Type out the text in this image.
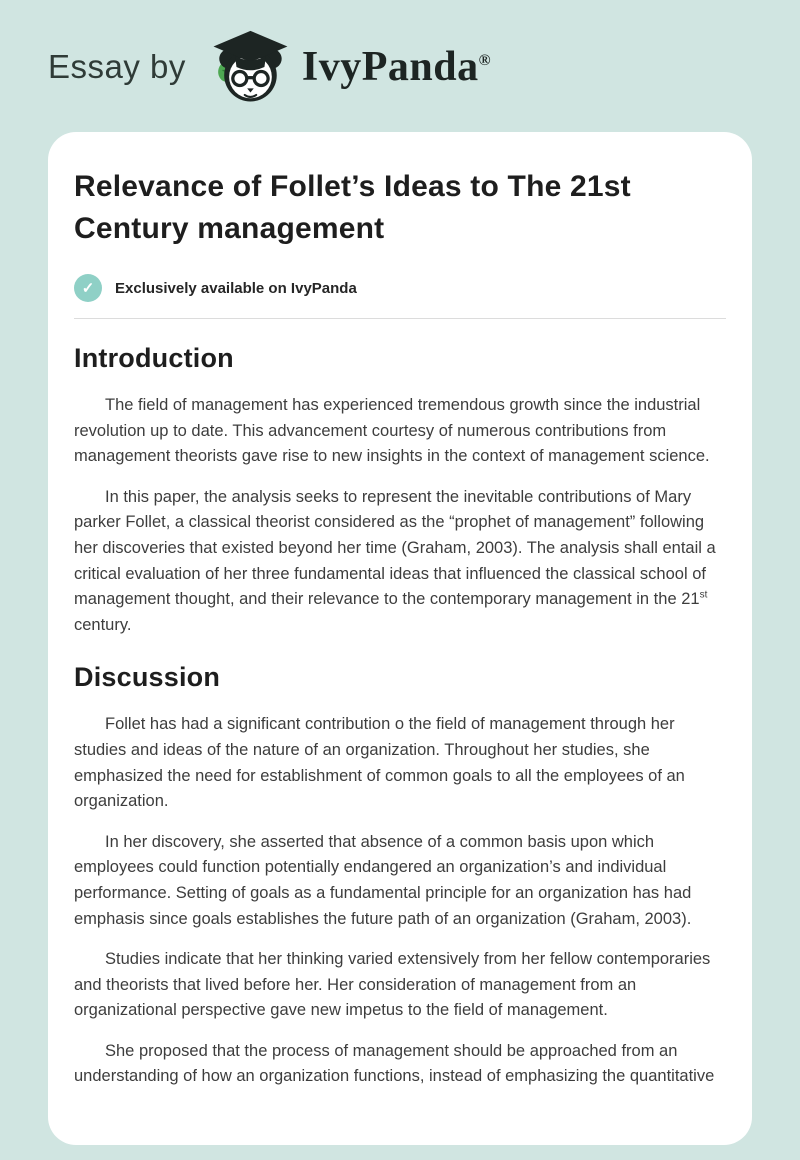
Essay by	IvyPanda®
Relevance of Follet’s Ideas to The 21st Century management
✓	Exclusively available on IvyPanda
Introduction

The field of management has experienced tremendous growth since the industrial revolution up to date. This advancement courtesy of numerous contributions from management theorists gave rise to new insights in the context of management science.

In this paper, the analysis seeks to represent the inevitable contributions of Mary parker Follet, a classical theorist considered as the “prophet of management” following her discoveries that existed beyond her time (Graham, 2003). The analysis shall entail a critical evaluation of her three fundamental ideas that influenced the classical school of management thought, and their relevance to the contemporary management in the 21st century.

Discussion

Follet has had a significant contribution o the field of management through her studies and ideas of the nature of an organization. Throughout her studies, she emphasized the need for establishment of common goals to all the employees of an organization.

In her discovery, she asserted that absence of a common basis upon which employees could function potentially endangered an organization’s and individual performance. Setting of goals as a fundamental principle for an organization has had emphasis since goals establishes the future path of an organization (Graham, 2003).

Studies indicate that her thinking varied extensively from her fellow contemporaries and theorists that lived before her. Her consideration of management from an organizational perspective gave new impetus to the field of management.

She proposed that the process of management should be approached from an understanding of how an organization functions, instead of emphasizing the quantitative
